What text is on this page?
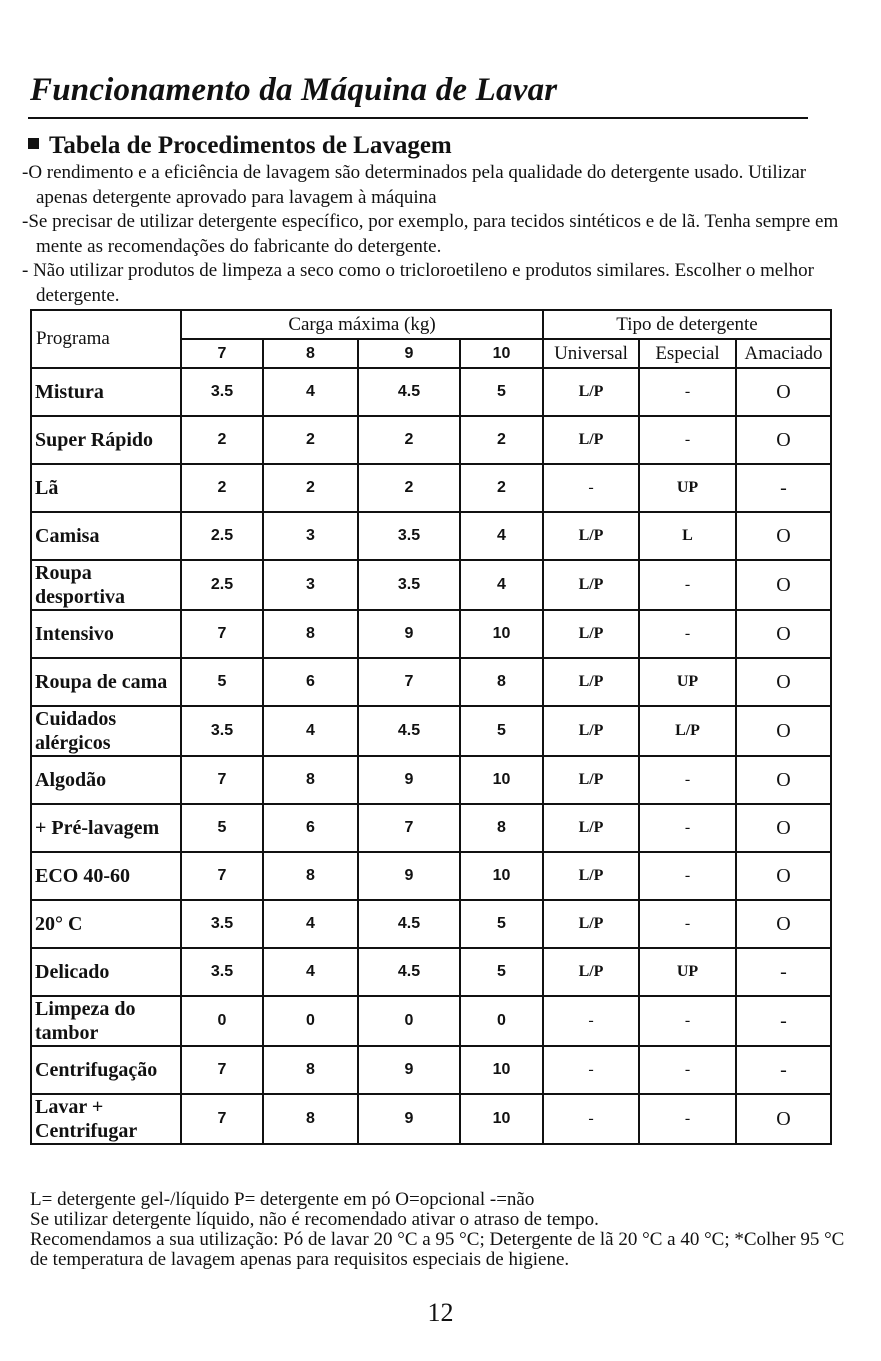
Funcionamento da Máquina de Lavar
Tabela de Procedimentos de Lavagem
-O rendimento e a eficiência de lavagem são determinados pela qualidade do detergente usado. Utilizar apenas detergente aprovado para lavagem à máquina
-Se precisar de utilizar detergente específico, por exemplo, para tecidos sintéticos e de lã. Tenha sempre em mente as recomendações do fabricante do detergente.
- Não utilizar produtos de limpeza a seco como o tricloroetileno e produtos similares. Escolher o melhor detergente.
Programa	Carga máxima (kg)				Tipo de detergente		
	7	8	9	10	Universal	Especial	Amaciado
Mistura	3.5	4	4.5	5	L/P	-	O
Super Rápido	2	2	2	2	L/P	-	O
Lã	2	2	2	2	-	UP	-
Camisa	2.5	3	3.5	4	L/P	L	O
Roupa desportiva	2.5	3	3.5	4	L/P	-	O
Intensivo	7	8	9	10	L/P	-	O
Roupa de cama	5	6	7	8	L/P	UP	O
Cuidados alérgicos	3.5	4	4.5	5	L/P	L/P	O
Algodão	7	8	9	10	L/P	-	O
+ Pré-lavagem	5	6	7	8	L/P	-	O
ECO 40-60	7	8	9	10	L/P	-	O
20° C	3.5	4	4.5	5	L/P	-	O
Delicado	3.5	4	4.5	5	L/P	UP	-
Limpeza do tambor	0	0	0	0	-	-	-
Centrifugação	7	8	9	10	-	-	-
Lavar + Centrifugar	7	8	9	10	-	-	O
L= detergente gel-/líquido P= detergente em pó O=opcional -=não
Se utilizar detergente líquido, não é recomendado ativar o atraso de tempo.
Recomendamos a sua utilização: Pó de lavar 20 °C a 95 °C; Detergente de lã 20 °C a 40 °C; *Colher 95 °C de temperatura de lavagem apenas para requisitos especiais de higiene.
12
